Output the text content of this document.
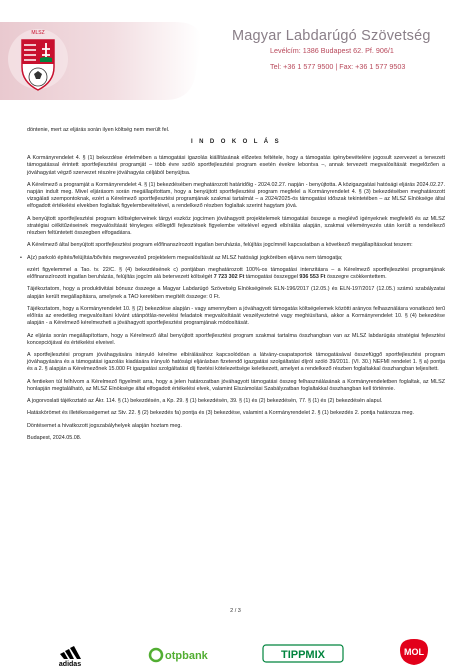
MLSZ	Magyar Labdarúgó Szövetség
Levélcím: 1386 Budapest 62. Pf. 906/1
Tel: +36 1 577 9500 | Fax: +36 1 577 9503

döntenie, mert az eljárás során ilyen költség nem merült fel.

I N D O K O L Á S

A Kormányrendelet 4. § (1) bekezdése értelmében a támogatási igazolás kiállításának előzetes feltétele, hogy a támogatás igénybevételére jogosult szervezet a tervezett támogatással érintett sportfejlesztési programját – több évre szóló sportfejlesztési program esetén évekre lebontva –, annak tervezett megvalósítását megelőzően a jóváhagyást végző szervezet részére jóváhagyás céljából benyújtsa.

A Kérelmező a programját a Kormányrendelet 4. § (1) bekezdésében meghatározott határidőig - 2024.02.27. napján - benyújtotta. A közigazgatási hatósági eljárás 2024.02.27. napján indult meg. Mivel eljárásom során megállapítottam, hogy a benyújtott sportfejlesztési program megfelel a Kormányrendelet 4. § (3) bekezdésében meghatározott vizsgálati szempontoknak, ezért a Kérelmező sportfejlesztési programjának szakmai tartalmát – a 2024/2025-ös támogatási időszak tekintetében – az MLSZ Elnöksége által elfogadott értékelési elvekben foglaltak figyelembevételével, a rendelkező részben foglaltak szerint hagytam jóvá.

A benyújtott sportfejlesztési program költségterveinek tárgyi eszköz jogcímen jóváhagyott projektelemek támogatási összege a meglévő igényeknek megfelelő és az MLSZ stratégiai célkitűzéseinek megvalósítását tényleges előlegtől fejlesztések figyelembe vételével egyedi elbírálás alapján, szakmai véleményezés után került a rendelkező részben feltüntetett összegben elfogadásra.

A Kérelmező által benyújtott sportfejlesztési program előfinanszírozott ingatlan beruházás, felújítás jogcímnél kapcsolatban a következő megállapításokat teszem:

• A(z) parkoló építés/felújítás/bővítés megnevezésű projektelem megvalósítását az MLSZ hatósági jogkörében eljárva nem támogatja;

ezért figyelemmel a Tao. tv. 22/C. § (4) bekezdésének c) pontjában meghatározott 100%-os támogatási intenzitásra – a Kérelmező sportfejlesztési programjának előfinanszírozott ingatlan beruházás, felújítás jogcím alá betervezett költségét 7 723 302 Ft támogatási összeggel 936 553 Ft összegre csökkentettem.

Tájékoztatom, hogy a produktivitási bónusz összege a Magyar Labdarúgó Szövetség Elnökségének ELN-196/2017 (12.05.) és ELN-197/2017 (12.05.) számú szabályzatai alapján került megállapításra, amelynek a TAO keretében megítélt összege: 0 Ft.

Tájékoztatom, hogy a Kormányrendelet 10. § (2) bekezdése alapján - vagy amennyiben a jóváhagyott támogatás költségelemek közötti arányos felhasználásra vonatkozó terű előírás az eredetileg megvalósítani kívánt utánpótlás-nevelési feladatok megvalósítását veszélyeztetné vagy meghiúsítaná, akkor a Kormányrendelet 10. § (4) bekezdése alapján - a Kérelmező kérelmezheti a jóváhagyott sportfejlesztési programjának módosítását.

Az eljárás során megállapítottam, hogy a Kérelmező által benyújtott sportfejlesztési program szakmai tartalma összhangban van az MLSZ labdarúgás stratégiai fejlesztési koncepciójával és értékelési elveivel.

A sportfejlesztési program jóváhagyására irányuló kérelme elbírálásához kapcsolódóan a látvány-csapatsportok támogatásával összefüggő sportfejlesztési program jóváhagyására és a támogatási igazolás kiadására irányuló hatósági eljárásban fizetendő igazgatási szolgáltatási díjról szóló 39/2011. (VI. 30.) NEFMI rendelet 1. § a) pontja és a 2. § alapján a Kérelmezőnek 15.000 Ft igazgatási szolgáltatási díj fizetési kötelezettsége keletkezett, amelyet a rendelkező részben foglaltakkal összhangban teljesített.

A fentieken túl felhívom a Kérelmező figyelmét arra, hogy a jelen határozatban jóváhagyott támogatási összeg felhasználásának a Kormányrendeletben foglaltak, az MLSZ honlapján megtalálható, az MLSZ Elnöksége által elfogadott értékelési elvek, valamint Elszámolási Szabályzatban foglaltakkal összhangban kell történnie.

A jogorvoslati tájékoztató az Ákr. 114. § (1) bekezdésén, a Kp. 29. § (1) bekezdésén, 39. § (1) és (2) bekezdésén, 77. § (1) és (2) bekezdésén alapul.

Hatáskörömet és illetékességemet az Stv. 22. § (2) bekezdés fa) pontja és (3) bekezdése, valamint a Kormányrendelet 2. § (1) bekezdés 2. pontja határozza meg.

Döntésemet a hivatkozott jogszabályhelyek alapján hoztam meg.

Budapest, 2024.05.08.

2 / 3
adidas
otpbank	TIPPMIX	MOL
